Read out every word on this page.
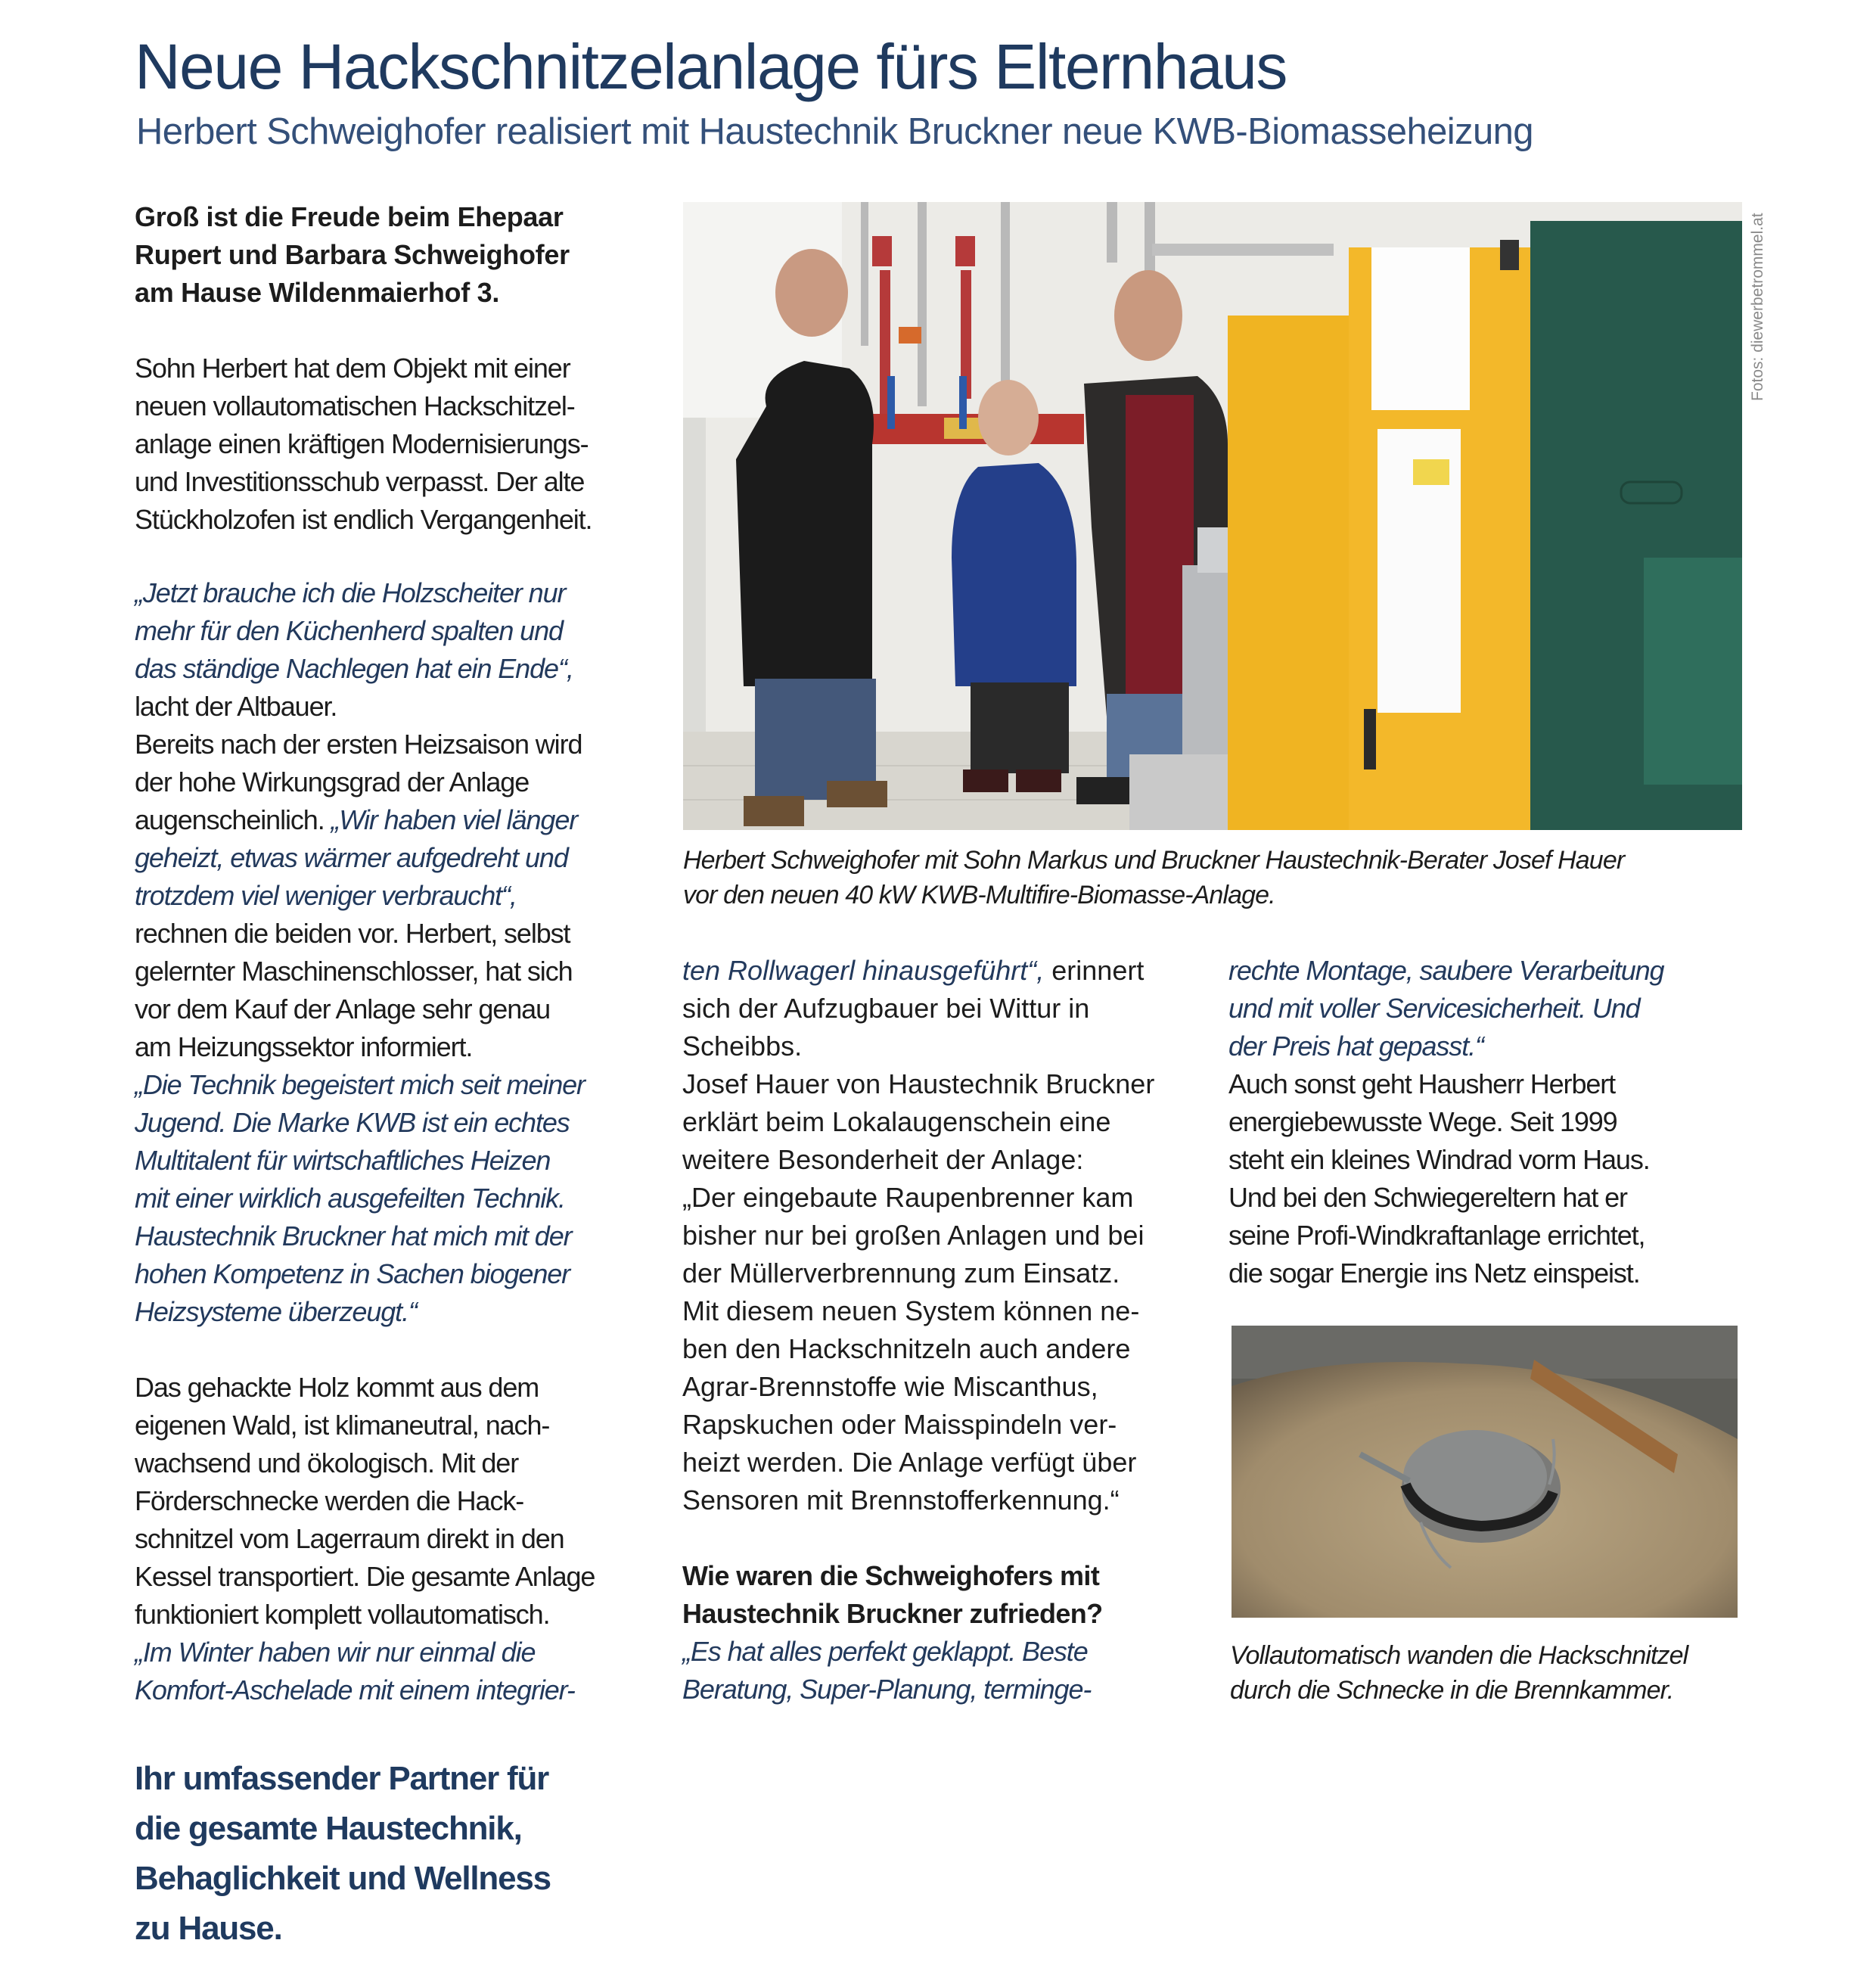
Neue Hackschnitzelanlage fürs Elternhaus
Herbert Schweighofer realisiert mit Haustechnik Bruckner neue KWB-Biomasseheizung
Groß ist die Freude beim Ehepaar
Rupert und Barbara Schweighofer
am Hause Wildenmaierhof 3.
Sohn Herbert hat dem Objekt mit einer
neuen vollautomatischen Hackschitzel-
anlage einen kräftigen Modernisierungs-
und Investitionsschub verpasst. Der alte
Stückholzofen ist endlich Vergangenheit.
„Jetzt brauche ich die Holzscheiter nur
mehr für den Küchenherd spalten und
das ständige Nachlegen hat ein Ende“,
lacht der Altbauer.
Bereits nach der ersten Heizsaison wird
der hohe Wirkungsgrad der Anlage
augenscheinlich. „Wir haben viel länger
geheizt, etwas wärmer aufgedreht und
trotzdem viel weniger verbraucht“,
rechnen die beiden vor. Herbert, selbst
gelernter Maschinenschlosser, hat sich
vor dem Kauf der Anlage sehr genau
am Heizungssektor informiert.
„Die Technik begeistert mich seit meiner
Jugend. Die Marke KWB ist ein echtes
Multitalent für wirtschaftliches Heizen
mit einer wirklich ausgefeilten Technik.
Haustechnik Bruckner hat mich mit der
hohen Kompetenz in Sachen biogener
Heizsysteme überzeugt.“
Das gehackte Holz kommt aus dem
eigenen Wald, ist klimaneutral, nach-
wachsend und ökologisch. Mit der
Förderschnecke werden die Hack-
schnitzel vom Lagerraum direkt in den
Kessel transportiert. Die gesamte Anlage
funktioniert komplett vollautomatisch.
„Im Winter haben wir nur einmal die
Komfort-Aschelade mit einem integrier-
Fotos: diewerbetrommel.at
Herbert Schweighofer mit Sohn Markus und Bruckner Haustechnik-Berater Josef Hauer
vor den neuen 40 kW KWB-Multifire-Biomasse-Anlage.
ten Rollwagerl hinausgeführt“, erinnert
sich der Aufzugbauer bei Wittur in
Scheibbs.
Josef Hauer von Haustechnik Bruckner
erklärt beim Lokalaugenschein eine
weitere Besonderheit der Anlage:
„Der eingebaute Raupenbrenner kam
bisher nur bei großen Anlagen und bei
der Müllerverbrennung zum Einsatz.
Mit diesem neuen System können ne-
ben den Hackschnitzeln auch andere
Agrar-Brennstoffe wie Miscanthus,
Rapskuchen oder Maisspindeln ver-
heizt werden. Die Anlage verfügt über
Sensoren mit Brennstofferkennung.“
Wie waren die Schweighofers mit
Haustechnik Bruckner zufrieden?
„Es hat alles perfekt geklappt. Beste
Beratung, Super-Planung, terminge-
rechte Montage, saubere Verarbeitung
und mit voller Servicesicherheit. Und
der Preis hat gepasst.“
Auch sonst geht Hausherr Herbert
energiebewusste Wege. Seit 1999
steht ein kleines Windrad vorm Haus.
Und bei den Schwiegereltern hat er
seine Profi-Windkraftanlage errichtet,
die sogar Energie ins Netz einspeist.
Vollautomatisch wanden die Hackschnitzel
durch die Schnecke in die Brennkammer.
Ihr umfassender Partner für
die gesamte Haustechnik,
Behaglichkeit und Wellness
zu Hause.
